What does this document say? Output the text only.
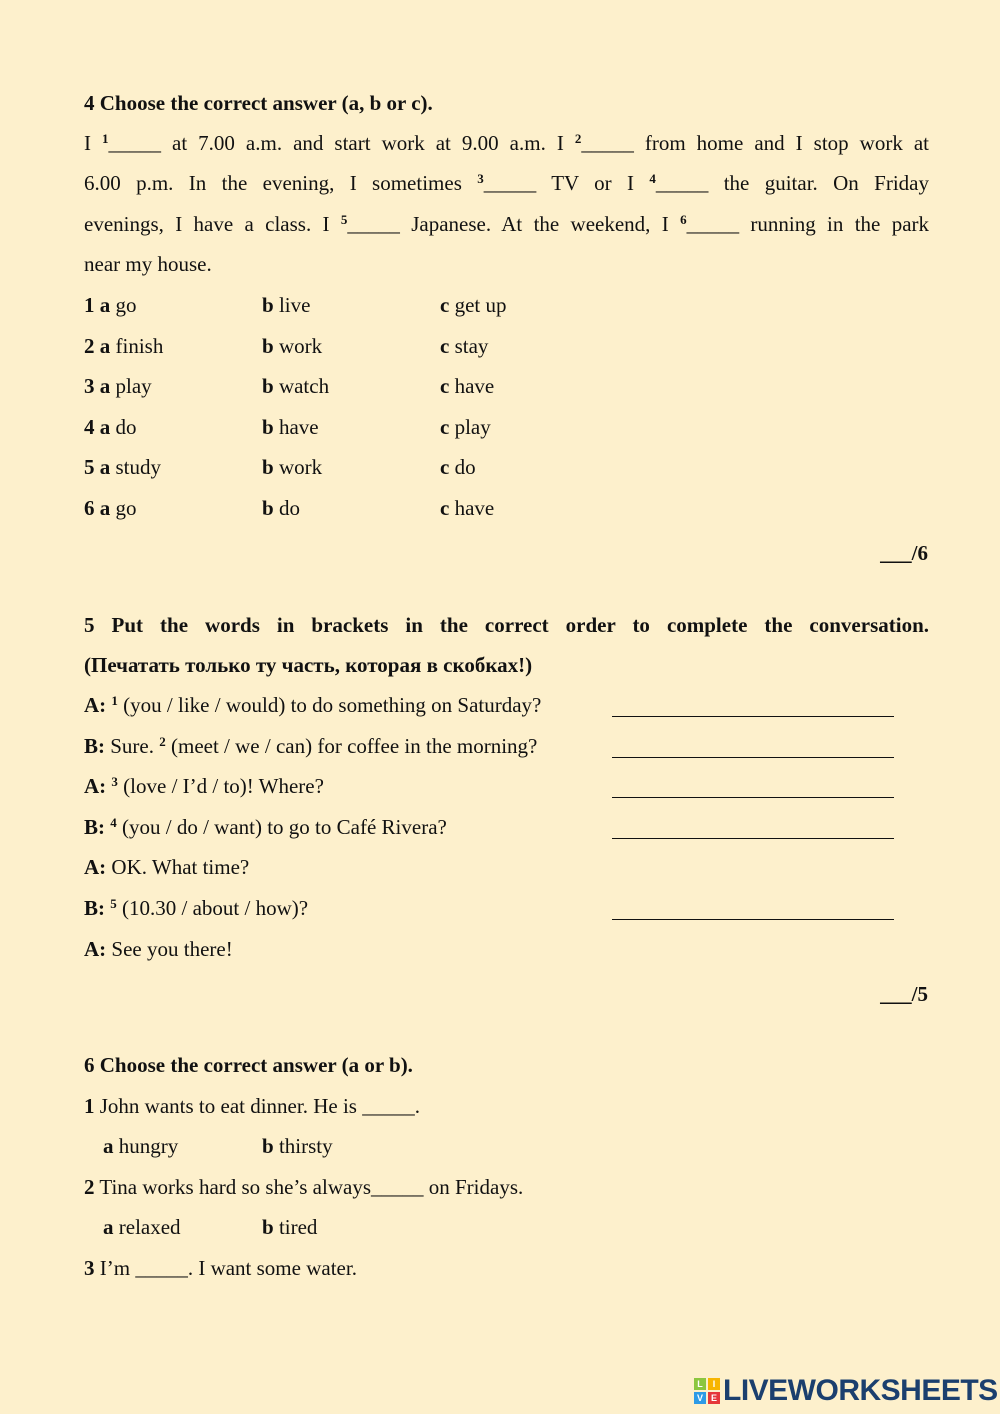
4 Choose the correct answer (a, b or c).
I $^1$_____ at 7.00 a.m. and start work at 9.00 a.m. I $^2$_____ from home and I stop work at
6.00 p.m. In the evening, I sometimes $^3$_____ TV or I $^4$_____ the guitar. On Friday
evenings, I have a class. I $^5$_____ Japanese. At the weekend, I $^6$_____ running in the park
near my house.
1 a go	b live	c get up
2 a finish	b work	c stay
3 a play	b watch	c have
4 a do	b have	c play
5 a study	b work	c do
6 a go	b do	c have
___/6
5 Put the words in brackets in the correct order to complete the conversation.
(Печатать только ту часть, которая в скобках!)
A: $^1$ (you / like / would) to do something on Saturday?
B: Sure. $^2$ (meet / we / can) for coffee in the morning?
A: $^3$ (love / I’d / to)! Where?
B: $^4$ (you / do / want) to go to Café Rivera?
A: OK. What time?
B: $^5$ (10.30 / about / how)?
A: See you there!
___/5
6 Choose the correct answer (a or b).
1 John wants to eat dinner. He is _____.
a hungry	b thirsty
2 Tina works hard so she’s always_____ on Fridays.
a relaxed	b tired
3 I’m _____. I want some water.
L	I
V E LIVEWORKSHEETS
